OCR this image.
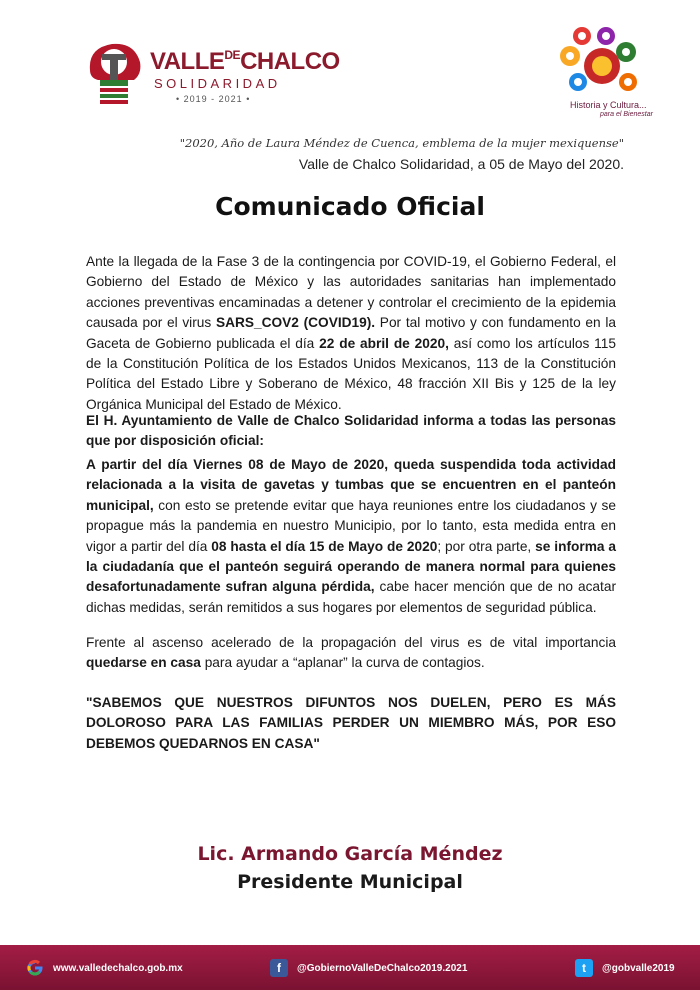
$VALLE^{DE}CHALCO$
SOLIDARIDAD
• 2019 - 2021 •
Historia y Cultura...
para el Bienestar
"2020, Año de Laura Méndez de Cuenca, emblema de la mujer mexiquense"
Valle de Chalco Solidaridad, a 05 de Mayo del 2020.
Comunicado Oficial
Ante la llegada de la Fase 3 de la contingencia por COVID-19, el Gobierno Federal, el Gobierno del Estado de México y las autoridades sanitarias han implementado acciones preventivas encaminadas a detener y controlar el crecimiento de la epidemia causada por el virus SARS_COV2 (COVID19). Por tal motivo y con fundamento en la Gaceta de Gobierno publicada el día 22 de abril de 2020, así como los artículos 115 de la Constitución Política de los Estados Unidos Mexicanos, 113 de la Constitución Política del Estado Libre y Soberano de México, 48 fracción XII Bis y 125 de la ley Orgánica Municipal del Estado de México.
El H. Ayuntamiento de Valle de Chalco Solidaridad informa a todas las personas que por disposición oficial:
A partir del día Viernes 08 de Mayo de 2020, queda suspendida toda actividad relacionada a la visita de gavetas y tumbas que se encuentren en el panteón municipal, con esto se pretende evitar que haya reuniones entre los ciudadanos y se propague más la pandemia en nuestro Municipio, por lo tanto, esta medida entra en vigor a partir del día 08 hasta el día 15 de Mayo de 2020; por otra parte, se informa a la ciudadanía que el panteón seguirá operando de manera normal para quienes desafortunadamente sufran alguna pérdida, cabe hacer mención que de no acatar dichas medidas, serán remitidos a sus hogares por elementos de seguridad pública.
Frente al ascenso acelerado de la propagación del virus es de vital importancia quedarse en casa para ayudar a “aplanar” la curva de contagios.
"SABEMOS QUE NUESTROS DIFUNTOS NOS DUELEN, PERO ES MÁS DOLOROSO PARA LAS FAMILIAS PERDER UN MIEMBRO MÁS, POR ESO DEBEMOS QUEDARNOS EN CASA"
Lic. Armando García Méndez
Presidente Municipal
www.valledechalco.gob.mx	f	@GobiernoValleDeChalco2019.2021	t	@gobvalle2019
